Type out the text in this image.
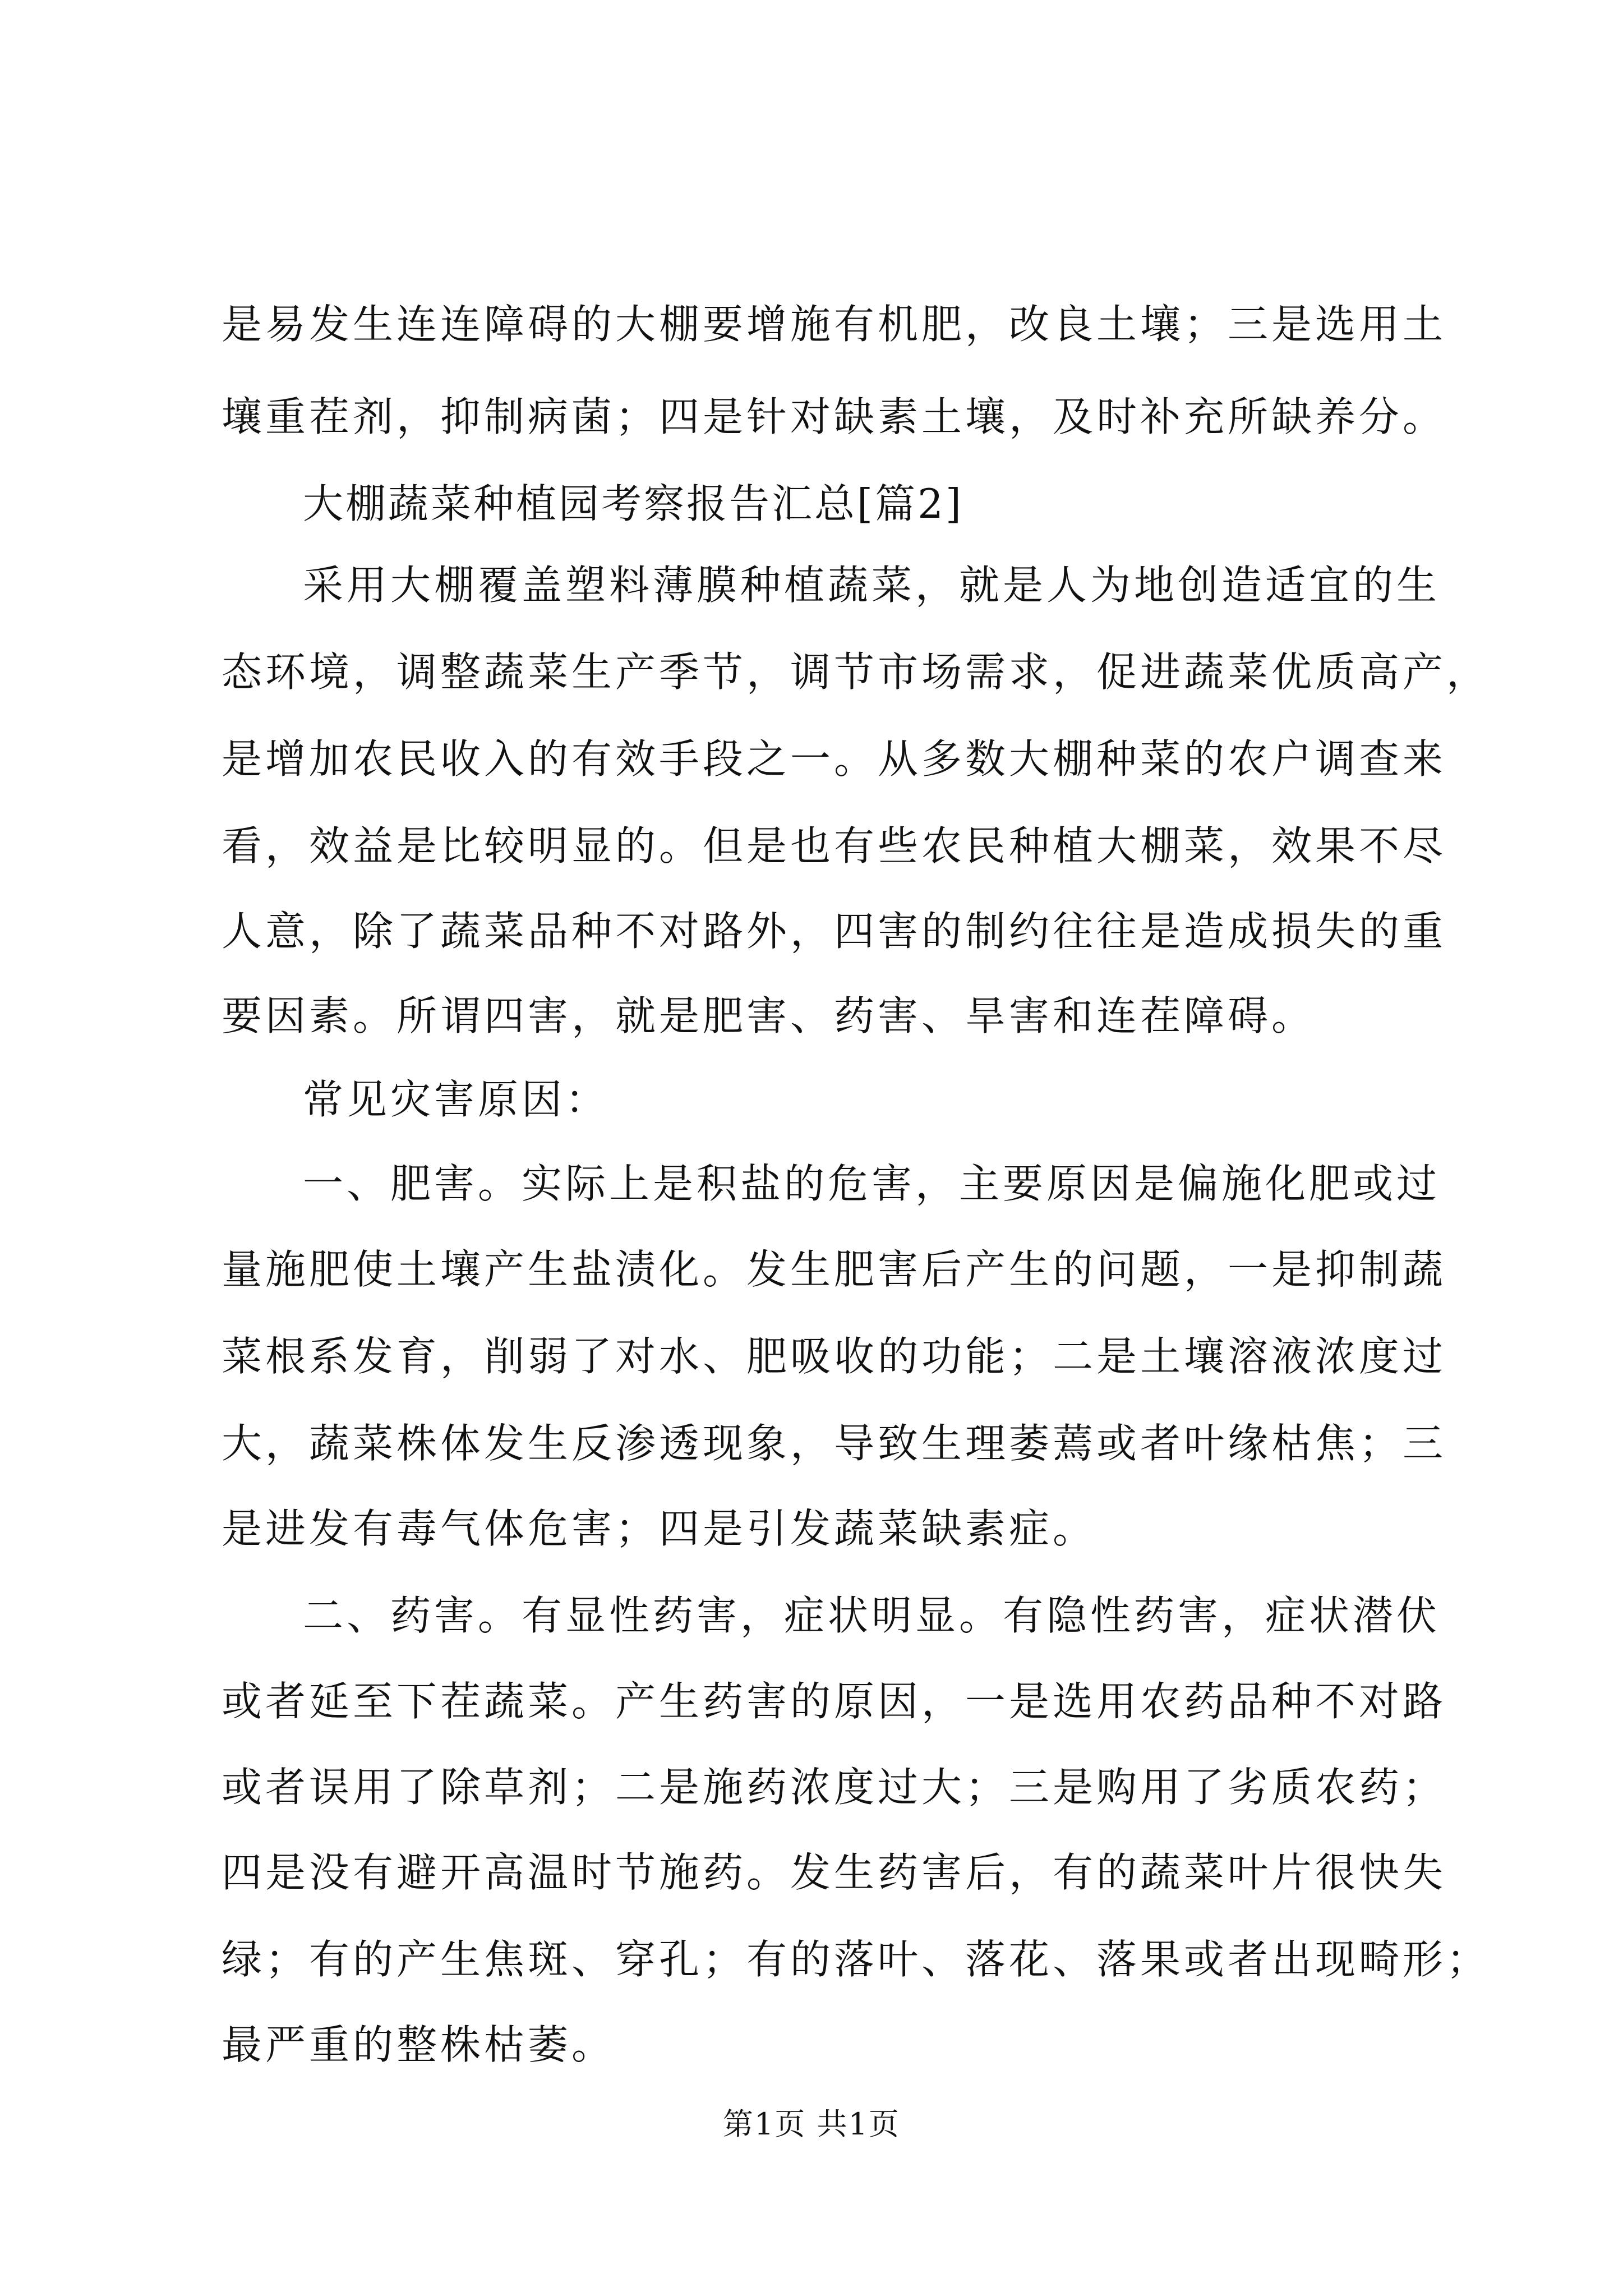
是易发生连连障碍的大棚要增施有机肥，改良土壤；三是选用土

壤重茬剂，抑制病菌；四是针对缺素土壤，及时补充所缺养分。

大棚蔬菜种植园考察报告汇总[篇2]

采用大棚覆盖塑料薄膜种植蔬菜，就是人为地创造适宜的生

态环境，调整蔬菜生产季节，调节市场需求，促进蔬菜优质高产，

是增加农民收入的有效手段之一。从多数大棚种菜的农户调查来

看，效益是比较明显的。但是也有些农民种植大棚菜，效果不尽

人意，除了蔬菜品种不对路外，四害的制约往往是造成损失的重

要因素。所谓四害，就是肥害、药害、旱害和连茬障碍。

常见灾害原因：

一、肥害。实际上是积盐的危害，主要原因是偏施化肥或过

量施肥使土壤产生盐渍化。发生肥害后产生的问题，一是抑制蔬

菜根系发育，削弱了对水、肥吸收的功能；二是土壤溶液浓度过

大，蔬菜株体发生反渗透现象，导致生理萎蔫或者叶缘枯焦；三

是进发有毒气体危害；四是引发蔬菜缺素症。

二、药害。有显性药害，症状明显。有隐性药害，症状潜伏

或者延至下茬蔬菜。产生药害的原因，一是选用农药品种不对路

或者误用了除草剂；二是施药浓度过大；三是购用了劣质农药；

四是没有避开高温时节施药。发生药害后，有的蔬菜叶片很快失

绿；有的产生焦斑、穿孔；有的落叶、落花、落果或者出现畸形；

最严重的整株枯萎。

第1页 共1页
